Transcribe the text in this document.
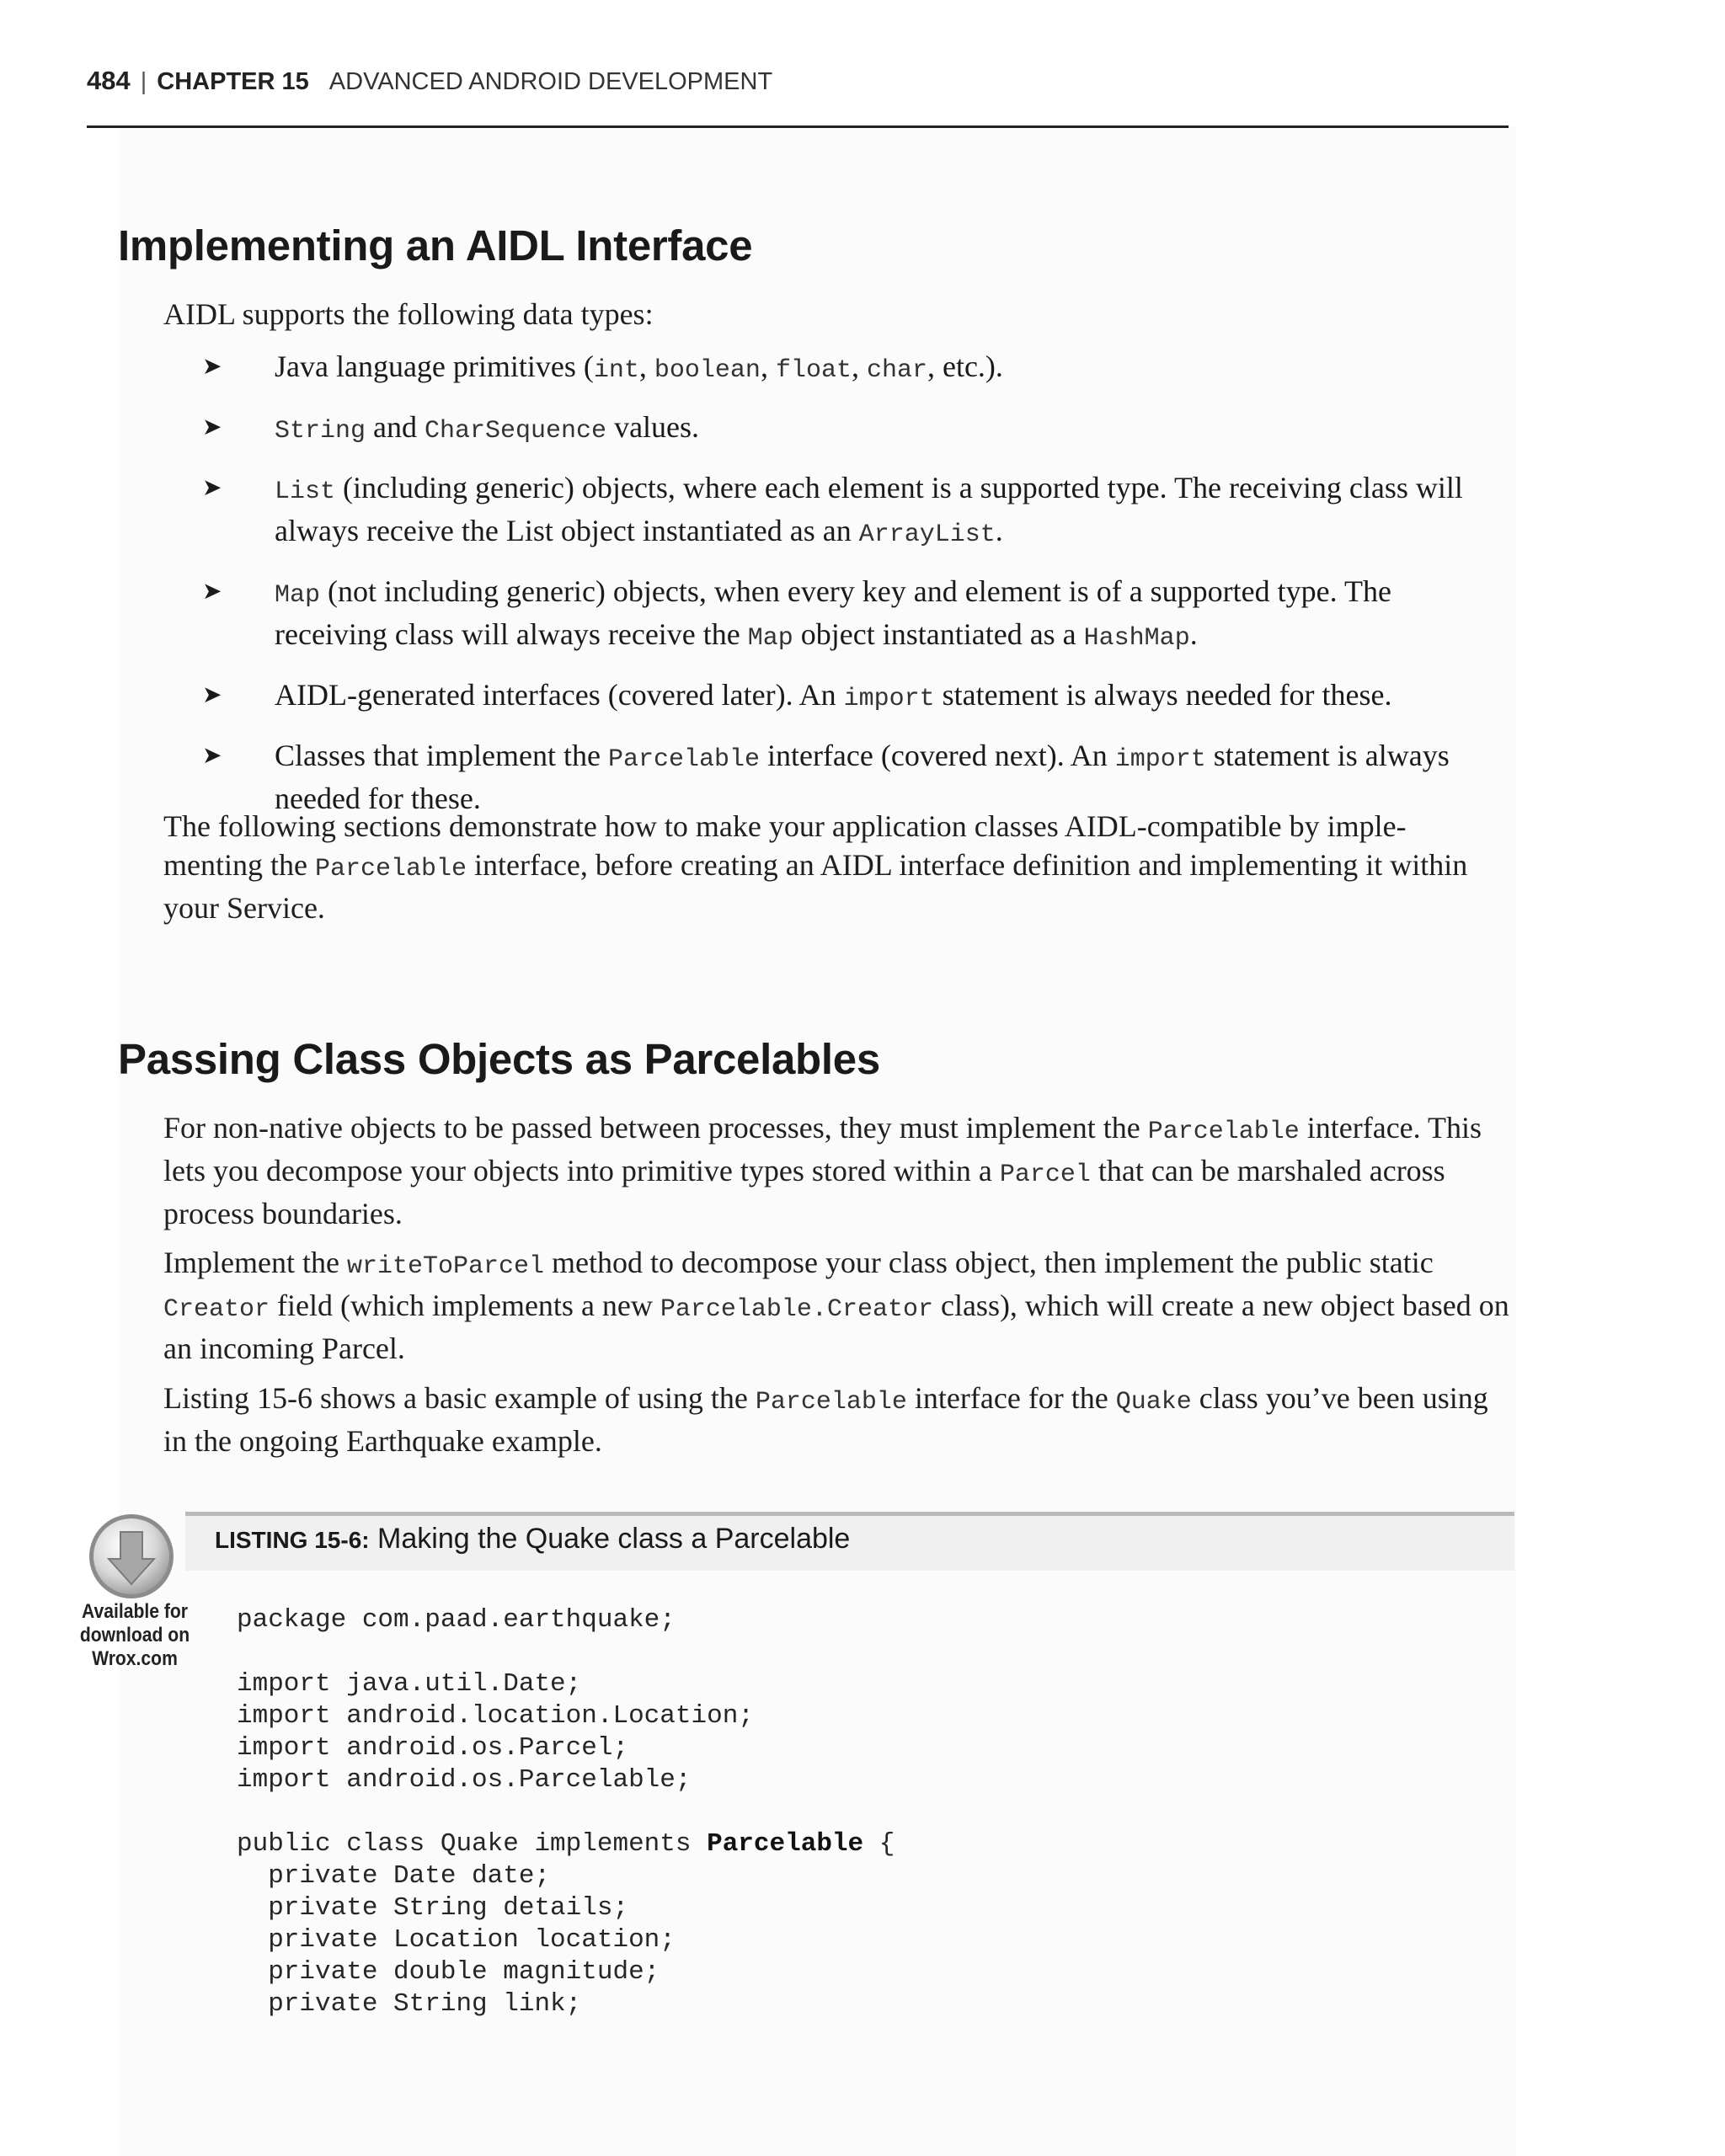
484 | CHAPTER 15 ADVANCED ANDROID DEVELOPMENT
Implementing an AIDL Interface

AIDL supports the following data types:

➤ Java language primitives (int, boolean, float, char, etc.).
➤ String and CharSequence values.
➤ List (including generic) objects, where each element is a supported type. The receiving class will always receive the List object instantiated as an ArrayList.
➤ Map (not including generic) objects, when every key and element is of a supported type. The receiving class will always receive the Map object instantiated as a HashMap.
➤ AIDL-generated interfaces (covered later). An import statement is always needed for these.
➤ Classes that implement the Parcelable interface (covered next). An import statement is always needed for these.

The following sections demonstrate how to make your application classes AIDL-compatible by imple-
menting the Parcelable interface, before creating an AIDL interface definition and implementing it within your Service.

Passing Class Objects as Parcelables

For non-native objects to be passed between processes, they must implement the Parcelable interface. This lets you decompose your objects into primitive types stored within a Parcel that can be marshaled across process boundaries.

Implement the writeToParcel method to decompose your class object, then implement the public static Creator field (which implements a new Parcelable.Creator class), which will create a new object based on an incoming Parcel.

Listing 15-6 shows a basic example of using the Parcelable interface for the Quake class you’ve been using in the ongoing Earthquake example.

LISTING 15-6: Making the Quake class a Parcelable
Available for
download on
Wrox.com
package com.paad.earthquake;
import java.util.Date;
import android.location.Location;
import android.os.Parcel;
import android.os.Parcelable;
public class Quake implements Parcelable {
private Date date;
private String details;
private Location location;
private double magnitude;
private String link;
